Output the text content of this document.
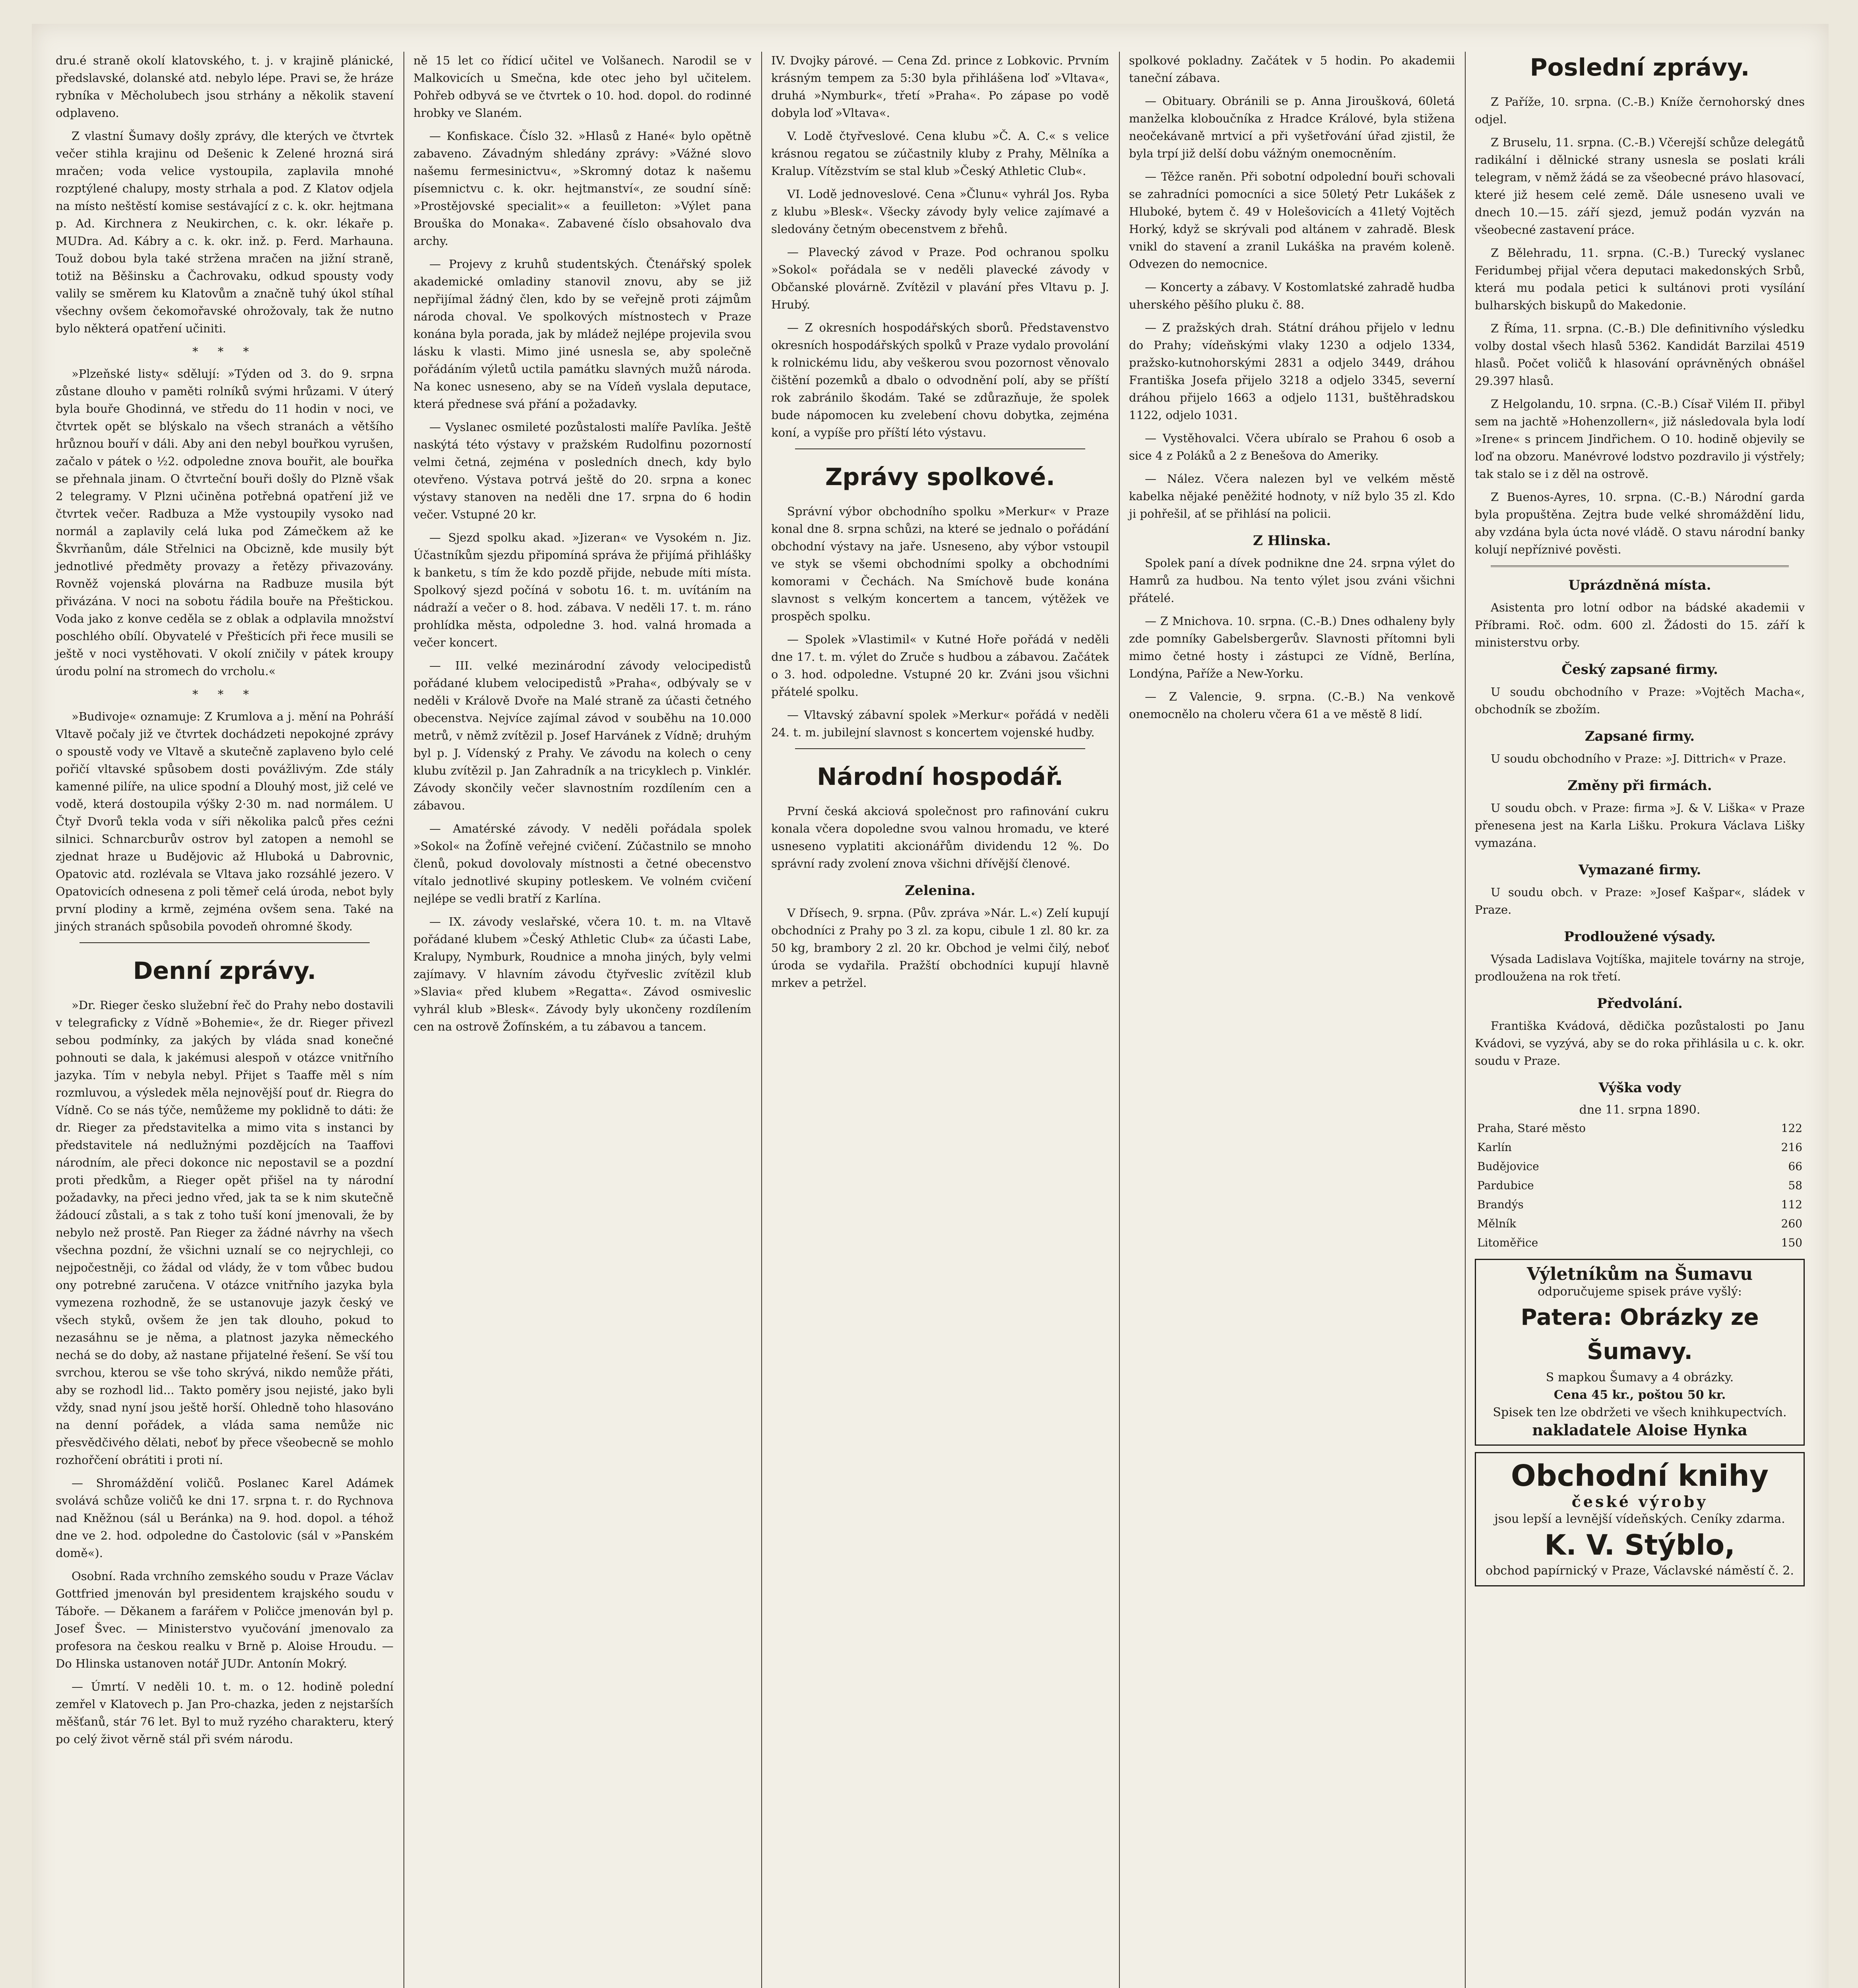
dru.é straně okolí klatovského, t. j. v krajině plánické, předslavské, dolanské atd. nebylo lépe. Pravi se, že hráze rybníka v Měcholubech jsou strhány a několik stavení odplaveno.

Z vlastní Šumavy došly zprávy, dle kterých ve čtvrtek večer stihla krajinu od Dešenic k Zelené hrozná sirá mračen; voda velice vystoupila, zaplavila mnohé rozptýlené chalupy, mosty strhala a pod. Z Klatov odjela na místo neštěstí komise sestávající z c. k. okr. hejtmana p. Ad. Kirchnera z Neukirchen, c. k. okr. lékaře p. MUDra. Ad. Kábry a c. k. okr. inž. p. Ferd. Marhauna. Touž dobou byla také stržena mračen na jižní straně, totiž na Běšinsku a Čachrovaku, odkud spousty vody valily se směrem ku Klatovům a značně tuhý úkol stíhal všechny ovšem čekomořavské ohrožovaly, tak že nutno bylo některá opatření učiniti.

* * *

»Plzeňské listy« sdělují: »Týden od 3. do 9. srpna zůstane dlouho v paměti rolníků svými hrůzami. V úterý byla bouře Ghodinná, ve středu do 11 hodin v noci, ve čtvrtek opět se blýskalo na všech stranách a většího hrůznou bouří v dáli. Aby ani den nebyl bouřkou vyrušen, začalo v pátek o ½2. odpoledne znova bouřit, ale bouřka se přehnala jinam. O čtvrteční bouři došly do Plzně však 2 telegramy. V Plzni učiněna potřebná opatření již ve čtvrtek večer. Radbuza a Mže vystoupily vysoko nad normál a zaplavily celá luka pod Zámečkem až ke Škvrňanům, dále Střelnici na Obcizně, kde musily být jednotlivé předměty provazy a řetězy přivazovány. Rovněž vojenská plovárna na Radbuze musila být přivázána. V noci na sobotu řádila bouře na Přeštickou. Voda jako z konve ceděla se z oblak a odplavila množství poschlého obílí. Obyvatelé v Přešticích při řece musili se ještě v noci vystěhovati. V okolí zničily v pátek kroupy úrodu polní na stromech do vrcholu.«

* * *

»Budivoje« oznamuje: Z Krumlova a j. mění na Pohráší Vltavě počaly již ve čtvrtek dochádzeti nepokojné zprávy o spoustě vody ve Vltavě a skutečně zaplaveno bylo celé pořičí vltavské spůsobem dosti povážlivým. Zde stály kamenné pilíře, na ulice spodní a Dlouhý most, již celé ve vodě, která dostoupila výšky 2·30 m. nad normálem. U Čtyř Dvorů tekla voda v síři několika palců přes ceźni silnici. Schnarcburův ostrov byl zatopen a nemohl se zjednat hraze u Budějovic až Hluboká u Dabrovnic, Opatovic atd. rozlévala se Vltava jako rozsáhlé jezero. V Opatovicích odnesena z poli těmeř celá úroda, nebot byly první plodiny a krmě, zejména ovšem sena. Také na jiných stranách spůsobila povodeň ohromné škody.

Denní zprávy.

»Dr. Rieger česko služební řeč do Prahy nebo dostavili v telegraficky z Vídně »Bohemie«, že dr. Rieger přivezl sebou podmínky, za jakých by vláda snad konečné pohnouti se dala, k jakémusi alespoň v otázce vnitřního jazyka. Tím v nebyla nebyl. Přijet s Taaffe měl s ním rozmluvou, a výsledek měla nejnovější pouť dr. Riegra do Vídně. Co se nás týče, nemůžeme my poklidně to dáti: že dr. Rieger za představitelka a mimo vita s instanci by představitele ná nedlužnými pozdějcích na Taaffovi národním, ale přeci dokonce nic nepostavil se a pozdní proti předkům, a Rieger opět přišel na ty národní požadavky, na přeci jedno vřed, jak ta se k nim skutečně žádoucí zůstali, a s tak z toho tuší koní jmenovali, že by nebylo než prostě. Pan Rieger za žádné návrhy na všech všechna pozdní, že všichni uznalí se co nejrychleji, co nejpočestněji, co žádal od vlády, že v tom vůbec budou ony potrebné zaručena. V otázce vnitřního jazyka byla vymezena rozhodně, že se ustanovuje jazyk český ve všech styků, ovšem že jen tak dlouho, pokud to nezasáhnu se je něma, a platnost jazyka německého nechá se do doby, až nastane přijatelné řešení. Se vší tou svrchou, kterou se vše toho skrývá, nikdo nemůže přáti, aby se rozhodl lid... Takto poměry jsou nejisté, jako byli vždy, snad nyní jsou ještě horší. Ohledně toho hlasováno na denní pořádek, a vláda sama nemůže nic přesvědčivého dělati, neboť by přece všeobecně se mohlo rozhořčení obrátiti i proti ní.

— Shromáždění voličů. Poslanec Karel Adámek svolává schůze voličů ke dni 17. srpna t. r. do Rychnova nad Kněžnou (sál u Beránka) na 9. hod. dopol. a téhož dne ve 2. hod. odpoledne do Častolovic (sál v »Panském domě«).

Osobní. Rada vrchního zemského soudu v Praze Václav Gottfried jmenován byl presidentem krajského soudu v Táboře. — Děkanem a farářem v Poličce jmenován byl p. Josef Švec. — Ministerstvo vyučování jmenovalo za profesora na českou realku v Brně p. Aloise Hroudu. — Do Hlinska ustanoven notář JUDr. Antonín Mokrý.

— Úmrtí. V neděli 10. t. m. o 12. hodině polední zemřel v Klatovech p. Jan Pro-chazka, jeden z nejstarších měšťanů, stár 76 let. Byl to muž ryzého charakteru, který po celý život věrně stál při svém národu.

ně 15 let co řídicí učitel ve Volšanech. Narodil se v Malkovicích u Smečna, kde otec jeho byl učitelem. Pohřeb odbyvá se ve čtvrtek o 10. hod. dopol. do rodinné hrobky ve Slaném.

— Konfiskace. Číslo 32. »Hlasů z Hané« bylo opětně zabaveno. Závadným shledány zprávy: »Vážné slovo našemu fermesinictvu«, »Skromný dotaz k našemu písemnictvu c. k. okr. hejtmanství«, ze soudní síně: »Prostějovské specialit»« a feuilleton: »Výlet pana Brouška do Monaka«. Zabavené číslo obsahovalo dva archy.

— Projevy z kruhů studentských. Čtenářský spolek akademické omladiny stanovil znovu, aby se již nepřijímal žádný člen, kdo by se veřejně proti zájmům národa choval. Ve spolkových místnostech v Praze konána byla porada, jak by mládež nejlépe projevila svou lásku k vlasti. Mimo jiné usnesla se, aby společně pořádáním výletů uctila památku slavných mužů národa. Na konec usneseno, aby se na Vídeň vyslala deputace, která přednese svá přání a požadavky.

— Vyslanec osmileté pozůstalosti malíře Pavlíka. Ještě naskýtá této výstavy v pražském Rudolfinu pozorností velmi četná, zejména v posledních dnech, kdy bylo otevřeno. Výstava potrvá ještě do 20. srpna a konec výstavy stanoven na neděli dne 17. srpna do 6 hodin večer. Vstupné 20 kr.

— Sjezd spolku akad. »Jizeran« ve Vysokém n. Jiz. Účastníkům sjezdu připomíná správa že přijímá přihlášky k banketu, s tím že kdo pozdě přijde, nebude míti místa. Spolkový sjezd počíná v sobotu 16. t. m. uvítáním na nádraží a večer o 8. hod. zábava. V neděli 17. t. m. ráno prohlídka města, odpoledne 3. hod. valná hromada a večer koncert.

— III. velké mezinárodní závody velocipedistů pořádané klubem velocipedistů »Praha«, odbývaly se v neděli v Králově Dvoře na Malé straně za účasti četného obecenstva. Nejvíce zajímal závod v souběhu na 10.000 metrů, v němž zvítězil p. Josef Harvánek z Vídně; druhým byl p. J. Vídenský z Prahy. Ve závodu na kolech o ceny klubu zvítězil p. Jan Zahradník a na tricyklech p. Vinklér. Závody skončily večer slavnostním rozdílením cen a zábavou.

— Amatérské závody. V neděli pořádala spolek »Sokol« na Žofíně veřejné cvičení. Zúčastnilo se mnoho členů, pokud dovolovaly místnosti a četné obecenstvo vítalo jednotlivé skupiny potleskem. Ve volném cvičení nejlépe se vedli bratří z Karlína.

— IX. závody veslařské, včera 10. t. m. na Vltavě pořádané klubem »Český Athletic Club« za účasti Labe, Kralupy, Nymburk, Roudnice a mnoha jiných, byly velmi zajímavy. V hlavním závodu čtyřveslic zvítězil klub »Slavia« před klubem »Regatta«. Závod osmiveslic vyhrál klub »Blesk«. Závody byly ukončeny rozdílením cen na ostrově Žofínském, a tu zábavou a tancem.

IV. Dvojky párové. — Cena Zd. prince z Lobkovic. Prvním krásným tempem za 5:30 byla přihlášena loď »Vltava«, druhá »Nymburk«, třetí »Praha«. Po zápase po vodě dobyla loď »Vltava«.

V. Lodě čtyřveslové. Cena klubu »Č. A. C.« s velice krásnou regatou se zúčastnily kluby z Prahy, Mělníka a Kralup. Vítězstvím se stal klub »Český Athletic Club«.

VI. Lodě jednoveslové. Cena »Člunu« vyhrál Jos. Ryba z klubu »Blesk«. Všecky závody byly velice zajímavé a sledovány četným obecenstvem z břehů.

— Plavecký závod v Praze. Pod ochranou spolku »Sokol« pořádala se v neděli plavecké závody v Občanské plovárně. Zvítězil v plavání přes Vltavu p. J. Hrubý.

— Z okresních hospodářských sborů. Představenstvo okresních hospodářských spolků v Praze vydalo provolání k rolnickému lidu, aby veškerou svou pozornost věnovalo čištění pozemků a dbalo o odvodnění polí, aby se příští rok zabránilo škodám. Také se zdůrazňuje, že spolek bude nápomocen ku zvelebení chovu dobytka, zejména koní, a vypíše pro příští léto výstavu.

Zprávy spolkové.

Správní výbor obchodního spolku »Merkur« v Praze konal dne 8. srpna schůzi, na které se jednalo o pořádání obchodní výstavy na jaře. Usneseno, aby výbor vstoupil ve styk se všemi obchodními spolky a obchodními komorami v Čechách. Na Smíchově bude konána slavnost s velkým koncertem a tancem, výtěžek ve prospěch spolku.

— Spolek »Vlastimil« v Kutné Hoře pořádá v neděli dne 17. t. m. výlet do Zruče s hudbou a zábavou. Začátek o 3. hod. odpoledne. Vstupné 20 kr. Zváni jsou všichni přátelé spolku.

— Vltavský zábavní spolek »Merkur« pořádá v neděli 24. t. m. jubilejní slavnost s koncertem vojenské hudby.

Národní hospodář.

První česká akciová společnost pro rafinování cukru konala včera dopoledne svou valnou hromadu, ve které usneseno vyplatiti akcionářům dividendu 12 %. Do správní rady zvolení znova všichni dřívější členové.

Zelenina.

V Dřísech, 9. srpna. (Pův. zpráva »Nár. L.«) Zelí kupují obchodníci z Prahy po 3 zl. za kopu, cibule 1 zl. 80 kr. za 50 kg, brambory 2 zl. 20 kr. Obchod je velmi čilý, neboť úroda se vydařila. Pražští obchodníci kupují hlavně mrkev a petržel.

spolkové pokladny. Začátek v 5 hodin. Po akademii taneční zábava.

— Obituary. Obránili se p. Anna Jiroušková, 60letá manželka kloboučníka z Hradce Králové, byla stižena neočekávaně mrtvicí a při vyšetřování úřad zjistil, že byla trpí již delší dobu vážným onemocněním.

— Těžce raněn. Při sobotní odpolední bouři schovali se zahradníci pomocníci a sice 50letý Petr Lukášek z Hluboké, bytem č. 49 v Holešovicích a 41letý Vojtěch Horký, když se skrývali pod altánem v zahradě. Blesk vnikl do stavení a zranil Lukáška na pravém koleně. Odvezen do nemocnice.

— Koncerty a zábavy. V Kostomlatské zahradě hudba uherského pěšího pluku č. 88.

— Z pražských drah. Státní dráhou přijelo v lednu do Prahy; vídeňskými vlaky 1230 a odjelo 1334, pražsko-kutnohorskými 2831 a odjelo 3449, dráhou Františka Josefa přijelo 3218 a odjelo 3345, severní dráhou přijelo 1663 a odjelo 1131, buštěhradskou 1122, odjelo 1031.

— Vystěhovalci. Včera ubíralo se Prahou 6 osob a sice 4 z Poláků a 2 z Benešova do Ameriky.

— Nález. Včera nalezen byl ve velkém městě kabelka nějaké peněžité hodnoty, v níž bylo 35 zl. Kdo ji pohřešil, ať se přihlásí na policii.

Z Hlinska.

Spolek paní a dívek podnikne dne 24. srpna výlet do Hamrů za hudbou. Na tento výlet jsou zváni všichni přátelé.

— Z Mnichova. 10. srpna. (C.-B.) Dnes odhaleny byly zde pomníky Gabelsbergerův. Slavnosti přítomni byli mimo četné hosty i zástupci ze Vídně, Berlína, Londýna, Paříže a New-Yorku.

— Z Valencie, 9. srpna. (C.-B.) Na venkově onemocnělo na choleru včera 61 a ve městě 8 lidí.

Poslední zprávy.

Z Paříže, 10. srpna. (C.-B.) Kníže černohorský dnes odjel.

Z Bruselu, 11. srpna. (C.-B.) Včerejší schůze delegátů radikální i dělnické strany usnesla se poslati králi telegram, v němž žádá se za všeobecné právo hlasovací, které již hesem celé země. Dále usneseno uvali ve dnech 10.—15. září sjezd, jemuž podán vyzván na všeobecné zastavení práce.

Z Bělehradu, 11. srpna. (C.-B.) Turecký vyslanec Feridumbej přijal včera deputaci makedonských Srbů, která mu podala petici k sultánovi proti vysílání bulharských biskupů do Makedonie.

Z Říma, 11. srpna. (C.-B.) Dle definitivního výsledku volby dostal všech hlasů 5362. Kandidát Barzilai 4519 hlasů. Počet voličů k hlasování oprávněných obnášel 29.397 hlasů.

Z Helgolandu, 10. srpna. (C.-B.) Císař Vilém II. přibyl sem na jachtě »Hohenzollern«, již následovala byla lodí »Irene« s princem Jindřichem. O 10. hodině objevily se loď na obzoru. Manévrové lodstvo pozdravilo ji výstřely; tak stalo se i z děl na ostrově.

Z Buenos-Ayres, 10. srpna. (C.-B.) Národní garda byla propuštěna. Zejtra bude velké shromáždění lidu, aby vzdána byla úcta nové vládě. O stavu národní banky kolují nepříznivé pověsti.

Uprázdněná místa.

Asistenta pro lotní odbor na bádské akademii v Příbrami. Roč. odm. 600 zl. Žádosti do 15. září k ministerstvu orby.

Český zapsané firmy.

U soudu obchodního v Praze: »Vojtěch Macha«, obchodník se zbožím.

Zapsané firmy.

U soudu obchodního v Praze: »J. Dittrich« v Praze.

Změny při firmách.

U soudu obch. v Praze: firma »J. & V. Liška« v Praze přenesena jest na Karla Lišku. Prokura Václava Lišky vymazána.

Vymazané firmy.

U soudu obch. v Praze: »Josef Kašpar«, sládek v Praze.

Prodloužené výsady.

Výsada Ladislava Vojtíška, majitele továrny na stroje, prodloužena na rok třetí.

Předvolání.

Františka Kvádová, dědička pozůstalosti po Janu Kvádovi, se vyzývá, aby se do roka přihlásila u c. k. okr. soudu v Praze.

Výška vody
dne 11. srpna 1890.
Praha, Staré město	122
Karlín	216
Budějovice	66
Pardubice	58
Brandýs	112
Mělník	260
Litoměřice	150
Výletníkům na Šumavu
odporučujeme spisek práve vyšlý:
Patera: Obrázky ze Šumavy.
S mapkou Šumavy a 4 obrázky.
Cena 45 kr., poštou 50 kr.
Spisek ten lze obdržeti ve všech knihkupectvích.
nakladatele Aloise Hynka
Obchodní knihy
české výroby
jsou lepší a levnější vídeňských. Ceníky zdarma.
K. V. Stýblo,
obchod papírnický v Praze, Václavské náměstí č. 2.
